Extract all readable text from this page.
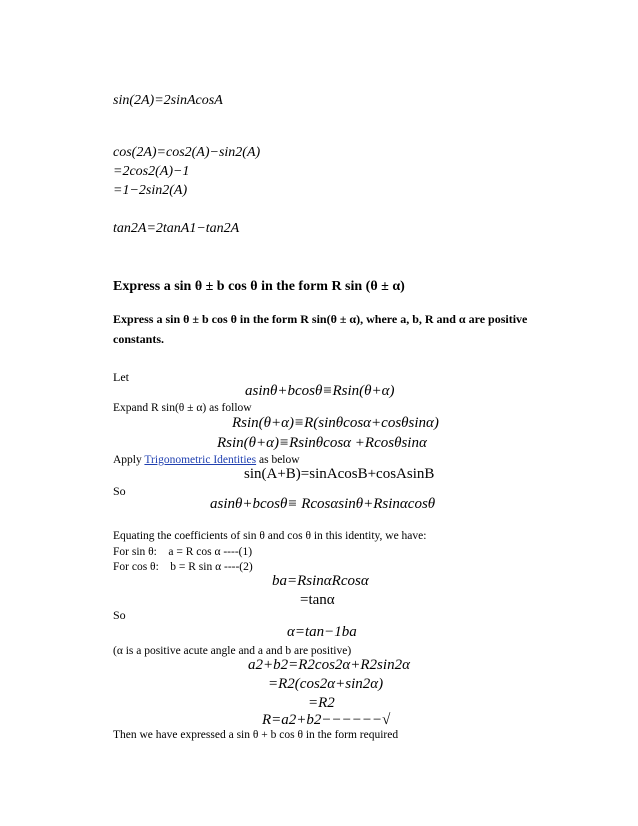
sin(2A)=2sinAcosA
cos(2A)=cos2(A)−sin2(A)
=2cos2(A)−1
=1−2sin2(A)
tan2A=2tanA1−tan2A
Express a sin θ ± b cos θ in the form R sin (θ ± α)
Express a sin θ ± b cos θ in the form R sin(θ ± α), where a, b, R and α are positive
constants.
Let
asinθ+bcosθ≡Rsin(θ+α)
Expand R sin(θ ± α) as follow
Rsin(θ+α)≡R(sinθcosα+cosθsinα)
Rsin(θ+α)≡Rsinθcosα +Rcosθsinα
Apply Trigonometric Identities as below
sin(A+B)=sinAcosB+cosAsinB
So
asinθ+bcosθ≡ Rcosαsinθ+Rsinαcosθ
Equating the coefficients of sin θ and cos θ in this identity, we have:
For sin θ:    a = R cos α ----(1)
For cos θ:    b = R sin α ----(2)
ba=RsinαRcosα
=tanα
So
α=tan−1ba
(α is a positive acute angle and a and b are positive)
a2+b2=R2cos2α+R2sin2α
=R2(cos2α+sin2α)
=R2
R=a2+b2−−−−−−√
Then we have expressed a sin θ + b cos θ in the form required
